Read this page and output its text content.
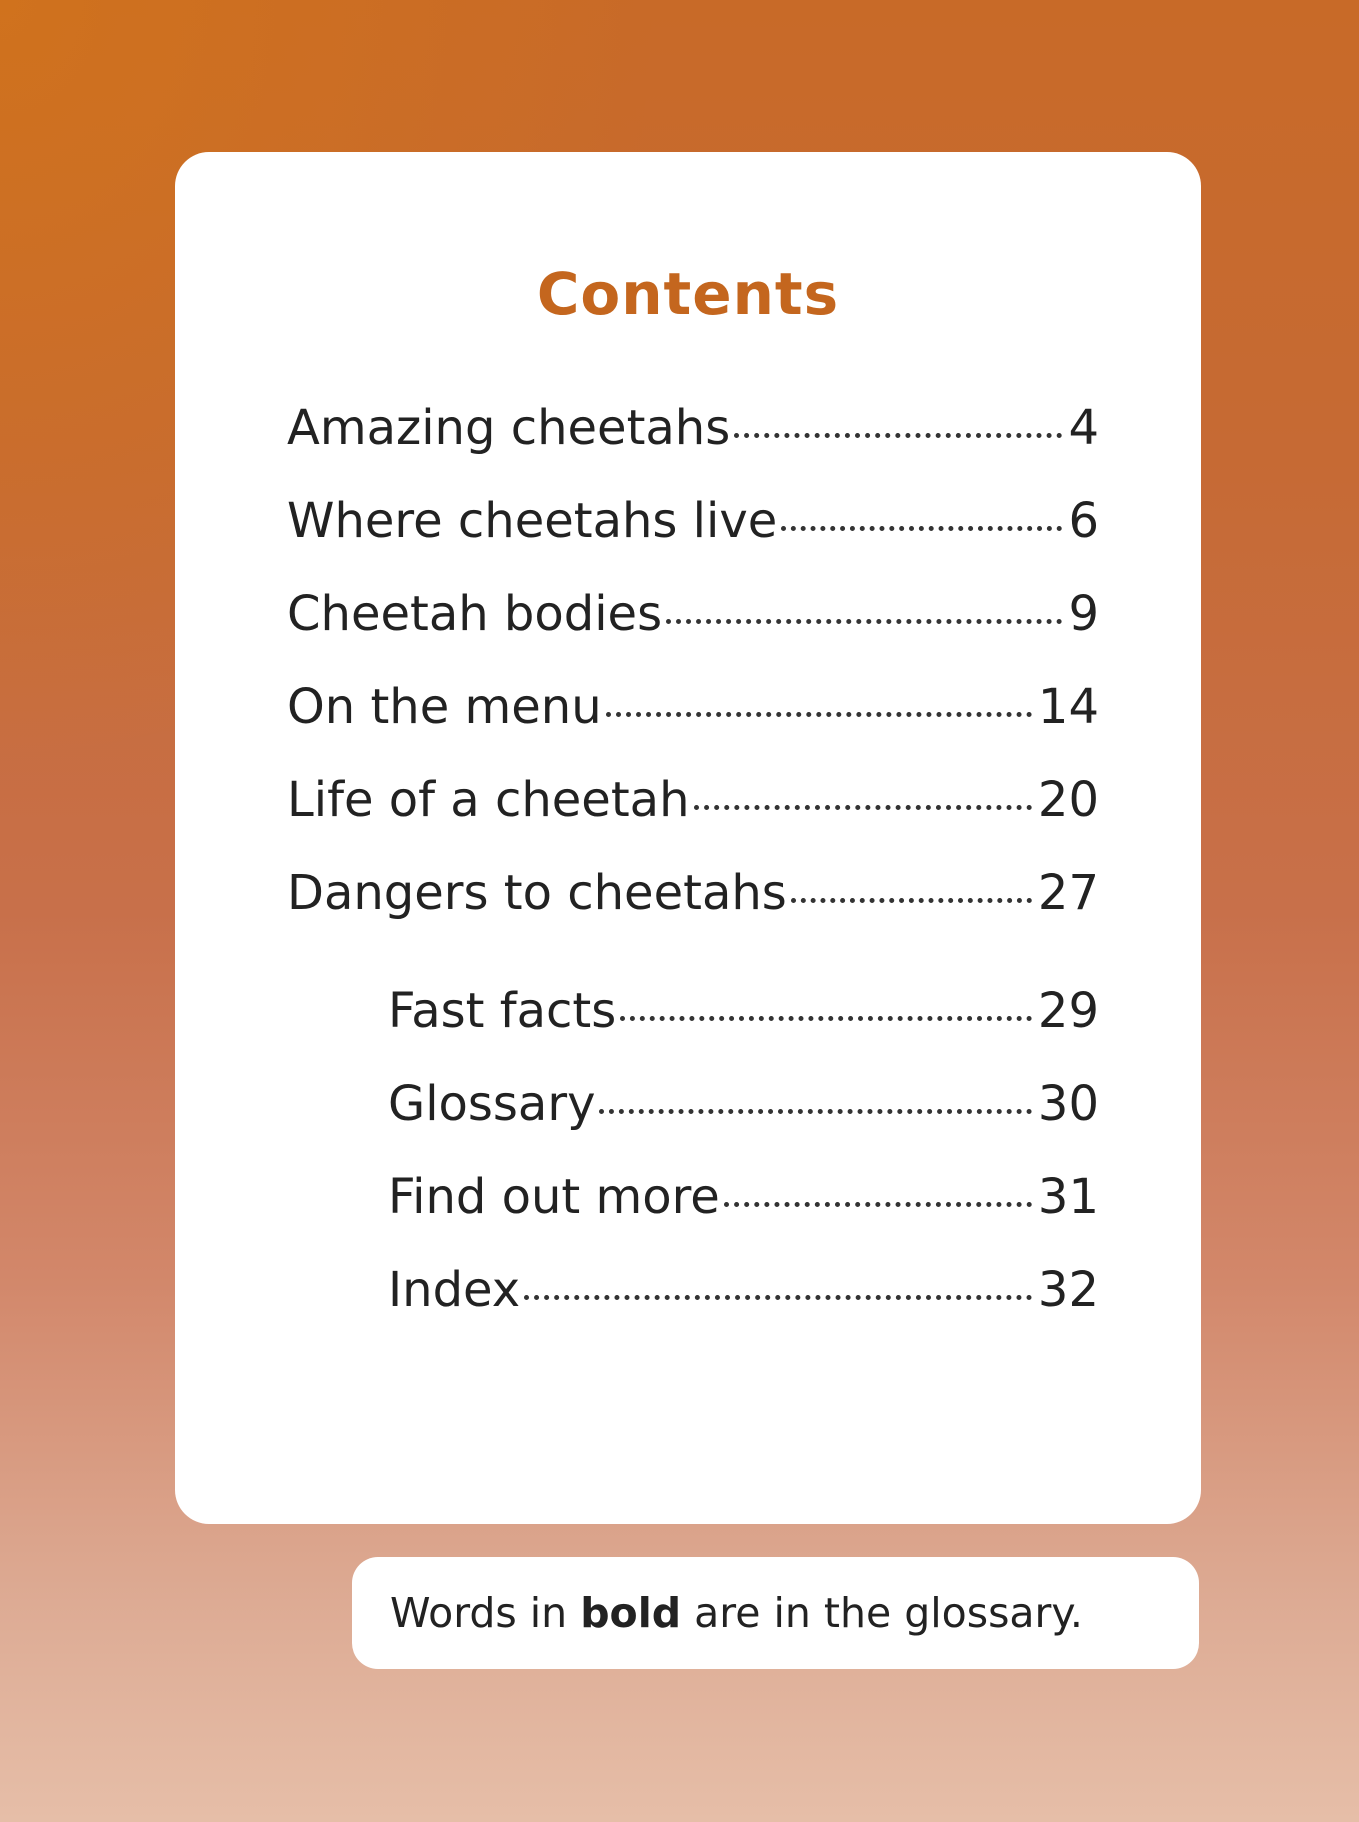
Contents
Amazing cheetahs	4
Where cheetahs live	6
Cheetah bodies	9
On the menu	14
Life of a cheetah	20
Dangers to cheetahs	27
Fast facts	29
Glossary	30
Find out more	31
Index	32

Words in bold are in the glossary.
